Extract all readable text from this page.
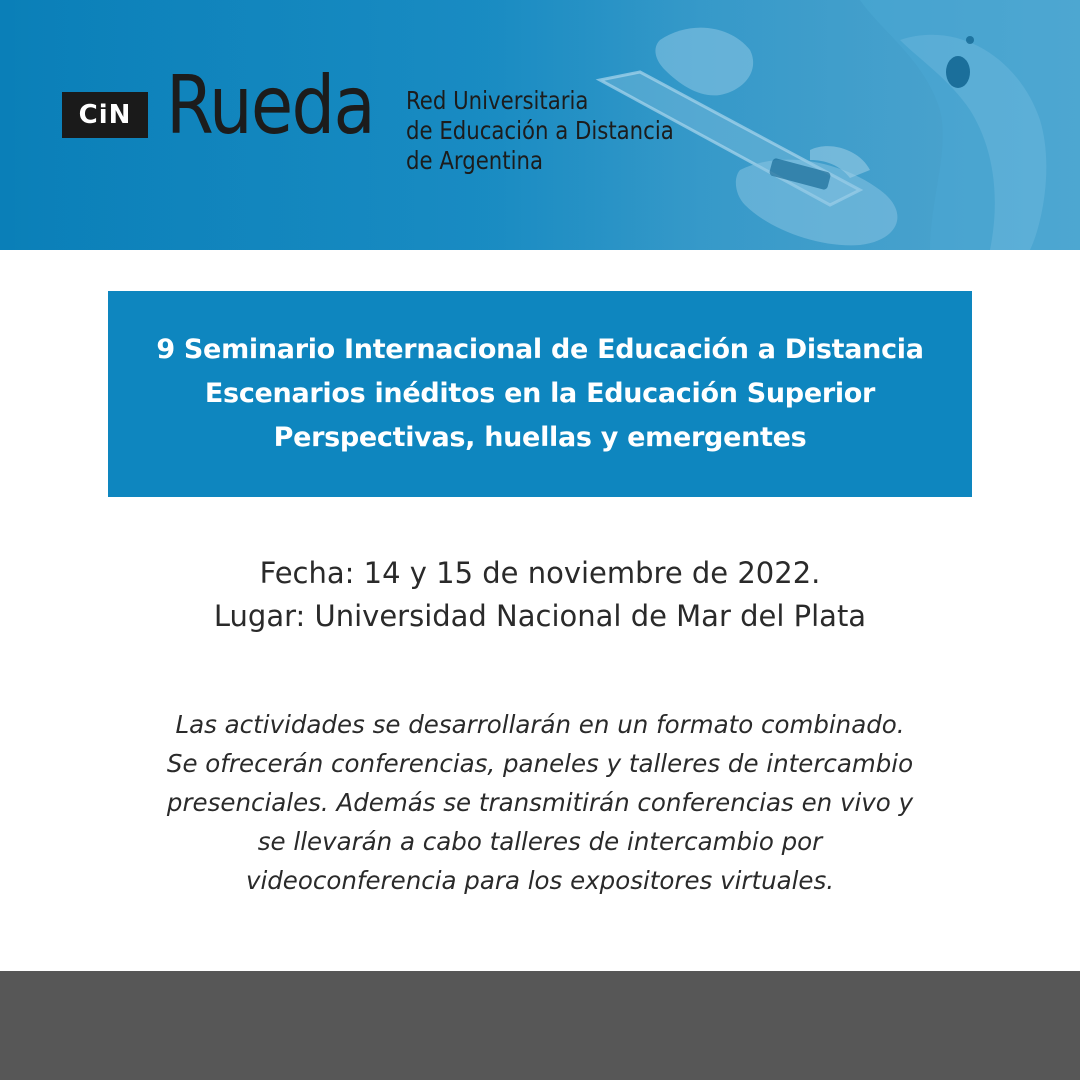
CiN Rueda Red Universitaria
de Educación a Distancia
de Argentina
9 Seminario Internacional de Educación a Distancia
Escenarios inéditos en la Educación Superior
Perspectivas, huellas y emergentes
Fecha: 14 y 15 de noviembre de 2022.
Lugar: Universidad Nacional de Mar del Plata
Las actividades se desarrollarán en un formato combinado.
Se ofrecerán conferencias, paneles y talleres de intercambio
presenciales. Además se transmitirán conferencias en vivo y
se llevarán a cabo talleres de intercambio por
videoconferencia para los expositores virtuales.
